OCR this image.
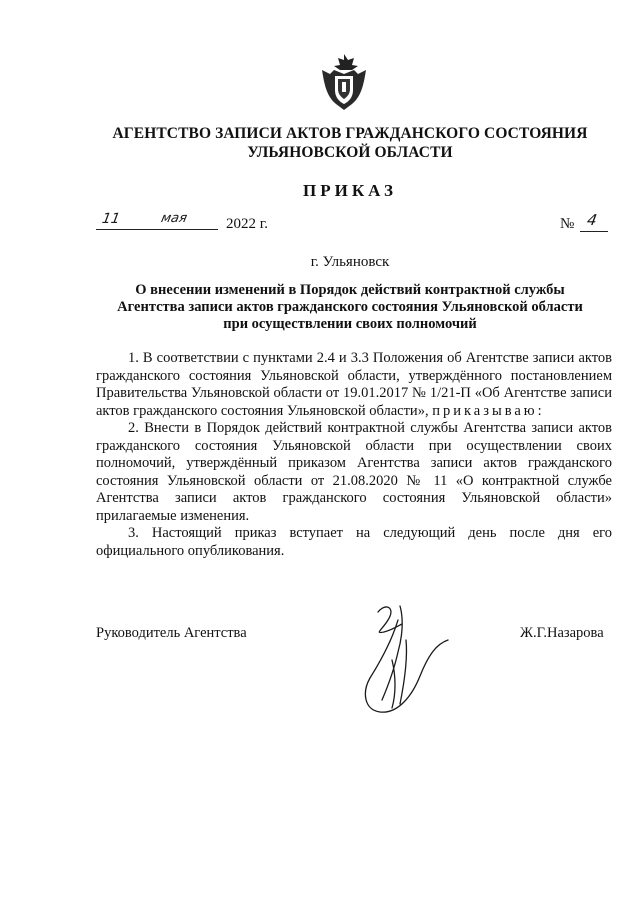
АГЕНТСТВО ЗАПИСИ АКТОВ ГРАЖДАНСКОГО СОСТОЯНИЯ
УЛЬЯНОВСКОЙ ОБЛАСТИ
ПРИКАЗ
11	мая	2022 г.	№ 4
г. Ульяновск
О внесении изменений в Порядок действий контрактной службы
Агентства записи актов гражданского состояния Ульяновской области
при осуществлении своих полномочий

1. В соответствии с пунктами 2.4 и 3.3 Положения об Агентстве записи актов гражданского состояния Ульяновской области, утверждённого постановлением Правительства Ульяновской области от 19.01.2017 № 1/21-П «Об Агентстве записи актов гражданского состояния Ульяновской области», приказываю:

2. Внести в Порядок действий контрактной службы Агентства записи актов гражданского состояния Ульяновской области при осуществлении своих полномочий, утверждённый приказом Агентства записи актов гражданского состояния Ульяновской области от 21.08.2020 № 11 «О контрактной службе Агентства записи актов гражданского состояния Ульяновской области» прилагаемые изменения.

3. Настоящий приказ вступает на следующий день после дня его официального опубликования.

Руководитель Агентства	Ж.Г.Назарова
